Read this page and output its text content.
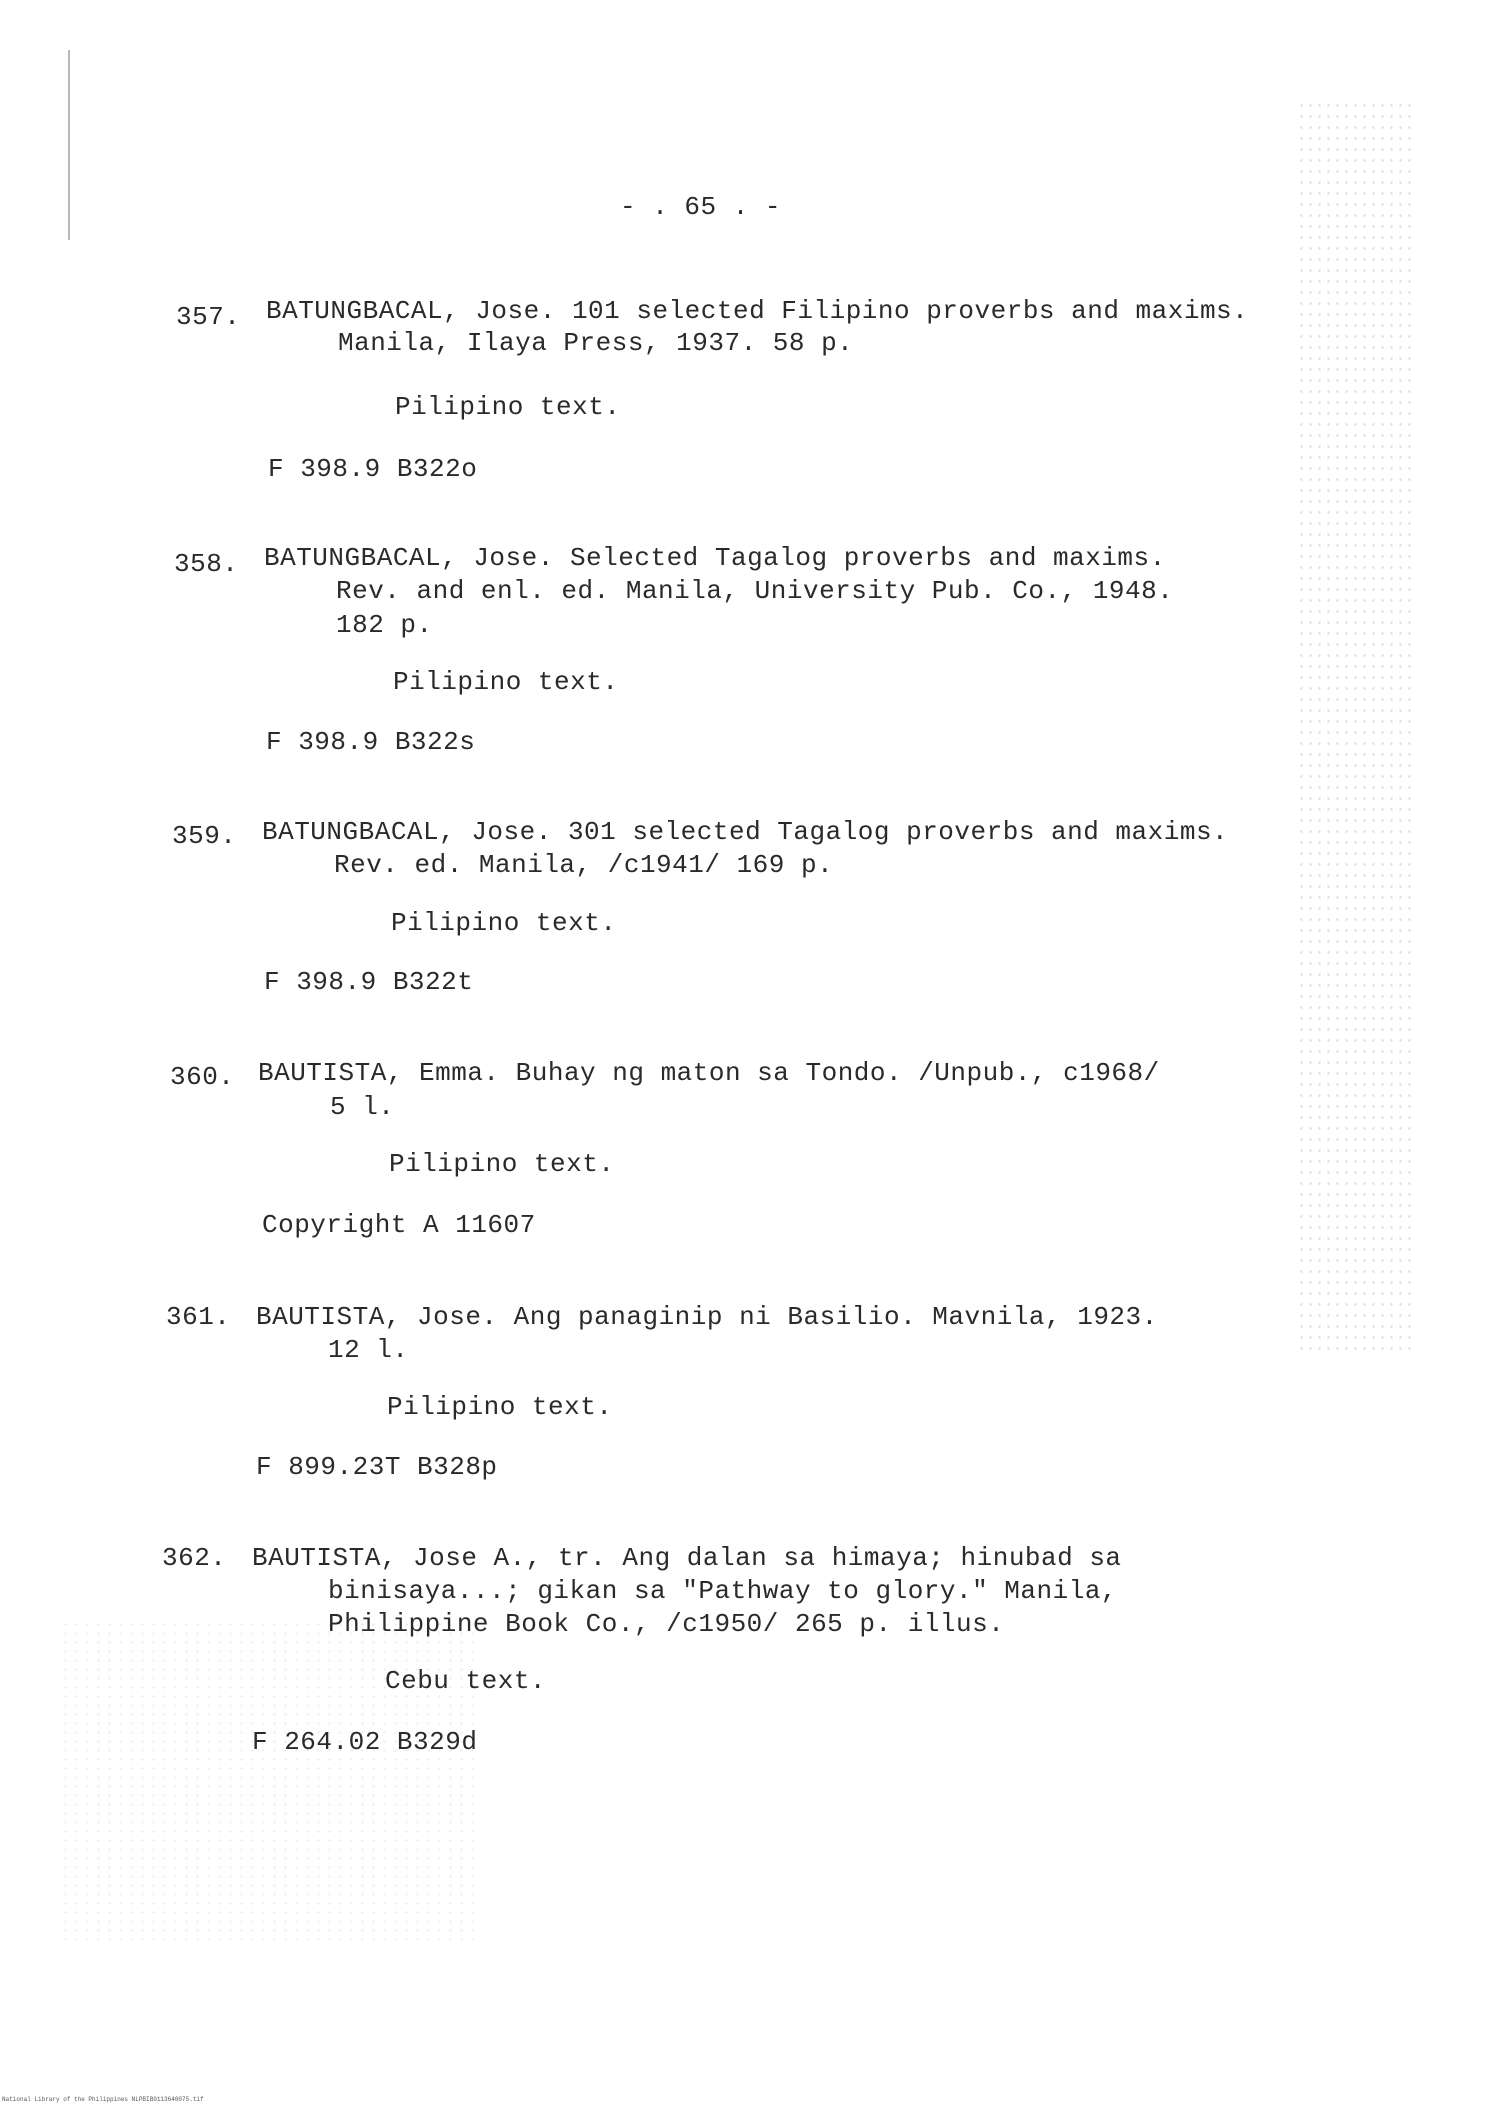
- . 65 . -
357. BATUNGBACAL, Jose. 101 selected Filipino proverbs and maxims.
Manila, Ilaya Press, 1937. 58 p.
Pilipino text.
F 398.9 B322o
358. BATUNGBACAL, Jose. Selected Tagalog proverbs and maxims.
Rev. and enl. ed. Manila, University Pub. Co., 1948.
182 p.
Pilipino text.
F 398.9 B322s
359. BATUNGBACAL, Jose. 301 selected Tagalog proverbs and maxims.
Rev. ed. Manila, /c1941/ 169 p.
Pilipino text.
F 398.9 B322t
360. BAUTISTA, Emma. Buhay ng maton sa Tondo. /Unpub., c1968/
5 l.
Pilipino text.
Copyright A 11607
361. BAUTISTA, Jose. Ang panaginip ni Basilio. Mavnila, 1923.
12 l.
Pilipino text.
F 899.23T B328p
362. BAUTISTA, Jose A., tr. Ang dalan sa himaya; hinubad sa
binisaya...; gikan sa "Pathway to glory." Manila,
Philippine Book Co., /c1950/ 265 p. illus.
Cebu text.
F 264.02 B329d
National Library of the Philippines NLPBIB0113640075.tif
